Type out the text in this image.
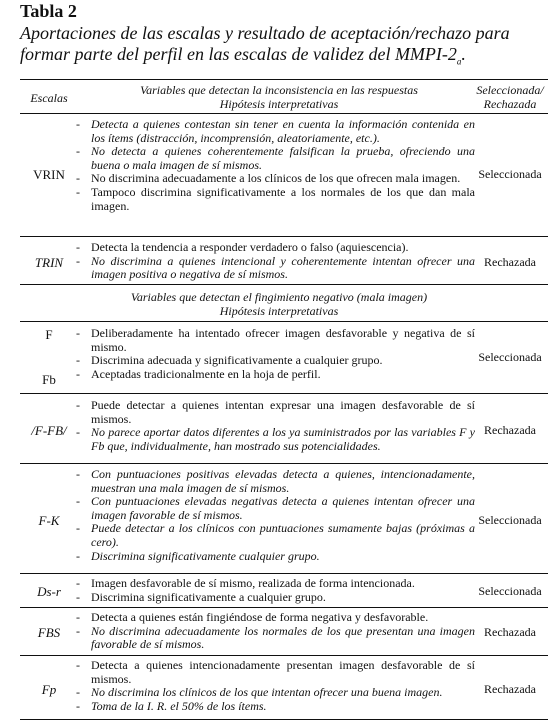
Tabla 2
Aportaciones de las escalas y resultado de aceptación/rechazo para formar parte del perfil en las escalas de validez del MMPI-$2_a$.
Escalas
Variables que detectan la inconsistencia en las respuestas
Hipótesis interpretativas
Seleccionada/
Rechazada
VRIN
- Detecta a quienes contestan sin tener en cuenta la información contenida en los ítems (distracción, incomprensión, aleatoriamente, etc.).
- No detecta a quienes coherentemente falsifican la prueba, ofreciendo una buena o mala imagen de sí mismos.
- No discrimina adecuadamente a los clínicos de los que ofrecen mala imagen.
- Tampoco discrimina significativamente a los normales de los que dan mala imagen.
Seleccionada
TRIN
- Detecta la tendencia a responder verdadero o falso (aquiescencia).
- No discrimina a quienes intencional y coherentemente intentan ofrecer una imagen positiva o negativa de sí mismos.
Rechazada
Variables que detectan el fingimiento negativo (mala imagen)
Hipótesis interpretativas
F
Fb
- Deliberadamente ha intentado ofrecer imagen desfavorable y negativa de sí mismo.
- Discrimina adecuada y significativamente a cualquier grupo.
- Aceptadas tradicionalmente en la hoja de perfil.
Seleccionada
/F-FB/
- Puede detectar a quienes intentan expresar una imagen desfavorable de sí mismos.
- No parece aportar datos diferentes a los ya suministrados por las variables F y Fb que, individualmente, han mostrado sus potencialidades.
Rechazada
F-K
- Con puntuaciones positivas elevadas detecta a quienes, intencionadamente, muestran una mala imagen de sí mismos.
- Con puntuaciones elevadas negativas detecta a quienes intentan ofrecer una imagen favorable de sí mismos.
- Puede detectar a los clínicos con puntuaciones sumamente bajas (próximas a cero).
- Discrimina significativamente cualquier grupo.
Seleccionada
Ds-r
- Imagen desfavorable de sí mismo, realizada de forma intencionada.
- Discrimina significativamente a cualquier grupo.	Seleccionada
FBS
- Detecta a quienes están fingiéndose de forma negativa y desfavorable.
- No discrimina adecuadamente los normales de los que presentan una imagen favorable de sí mismos.
Rechazada
Fp
- Detecta a quienes intencionadamente presentan imagen desfavorable de sí mismos.
- No discrimina los clínicos de los que intentan ofrecer una buena imagen.
- Toma de la I. R. el 50% de los ítems.
Rechazada
